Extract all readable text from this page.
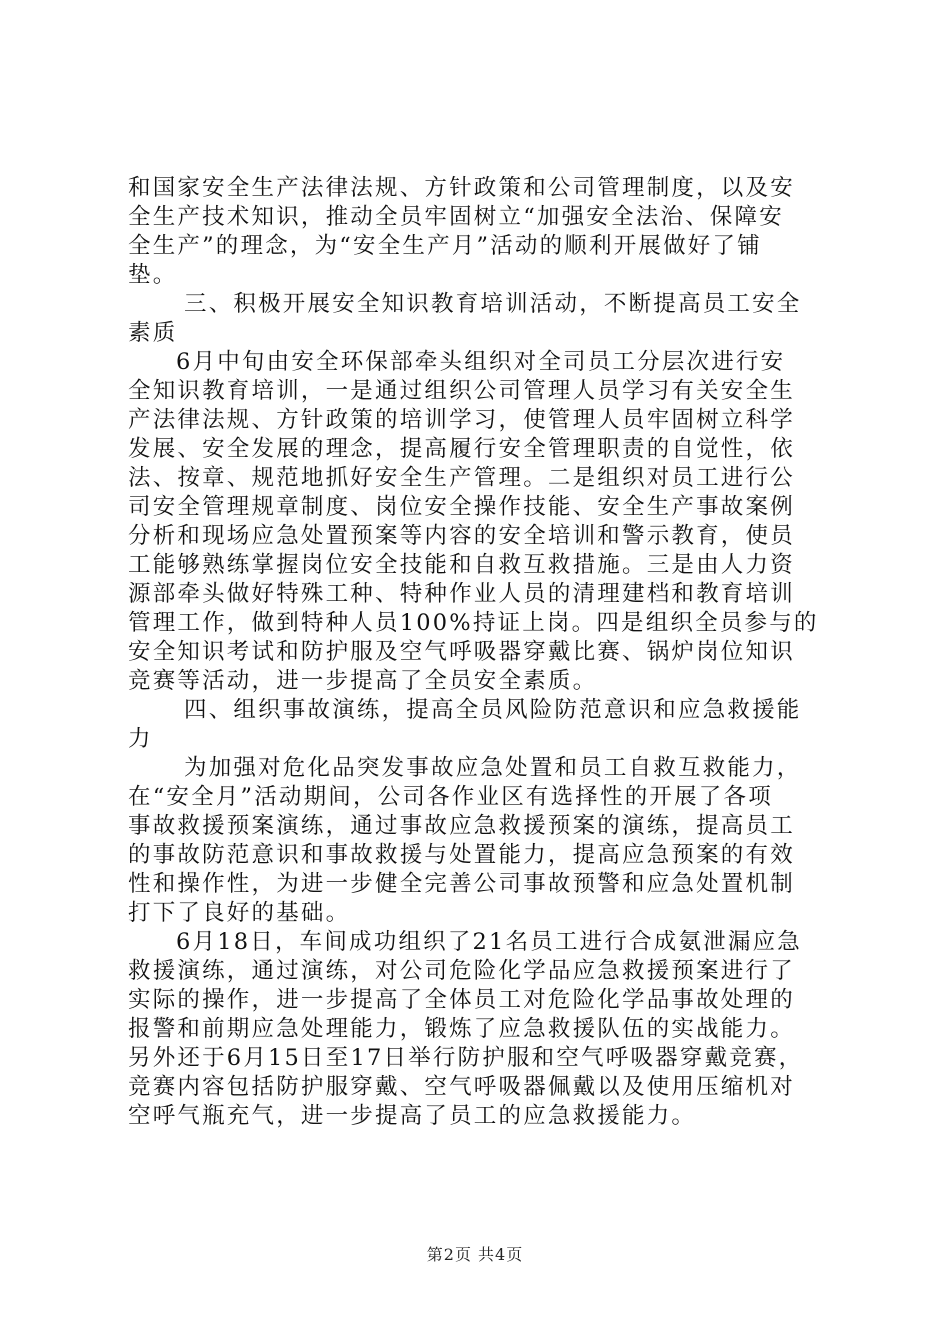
和国家安全生产法律法规、方针政策和公司管理制度，以及安
全生产技术知识，推动全员牢固树立“加强安全法治、保障安
全生产”的理念，为“安全生产月”活动的顺利开展做好了铺
垫。
三、积极开展安全知识教育培训活动，不断提高员工安全
素质
6月中旬由安全环保部牵头组织对全司员工分层次进行安
全知识教育培训，一是通过组织公司管理人员学习有关安全生
产法律法规、方针政策的培训学习，使管理人员牢固树立科学
发展、安全发展的理念，提高履行安全管理职责的自觉性，依
法、按章、规范地抓好安全生产管理。二是组织对员工进行公
司安全管理规章制度、岗位安全操作技能、安全生产事故案例
分析和现场应急处置预案等内容的安全培训和警示教育，使员
工能够熟练掌握岗位安全技能和自救互救措施。三是由人力资
源部牵头做好特殊工种、特种作业人员的清理建档和教育培训
管理工作，做到特种人员100%持证上岗。四是组织全员参与的
安全知识考试和防护服及空气呼吸器穿戴比赛、锅炉岗位知识
竞赛等活动，进一步提高了全员安全素质。
四、组织事故演练，提高全员风险防范意识和应急救援能
力
为加强对危化品突发事故应急处置和员工自救互救能力，
在“安全月”活动期间，公司各作业区有选择性的开展了各项
事故救援预案演练，通过事故应急救援预案的演练，提高员工
的事故防范意识和事故救援与处置能力，提高应急预案的有效
性和操作性，为进一步健全完善公司事故预警和应急处置机制
打下了良好的基础。
6月18日，车间成功组织了21名员工进行合成氨泄漏应急
救援演练，通过演练，对公司危险化学品应急救援预案进行了
实际的操作，进一步提高了全体员工对危险化学品事故处理的
报警和前期应急处理能力，锻炼了应急救援队伍的实战能力。
另外还于6月15日至17日举行防护服和空气呼吸器穿戴竞赛，
竞赛内容包括防护服穿戴、空气呼吸器佩戴以及使用压缩机对
空呼气瓶充气，进一步提高了员工的应急救援能力。
第2页 共4页
